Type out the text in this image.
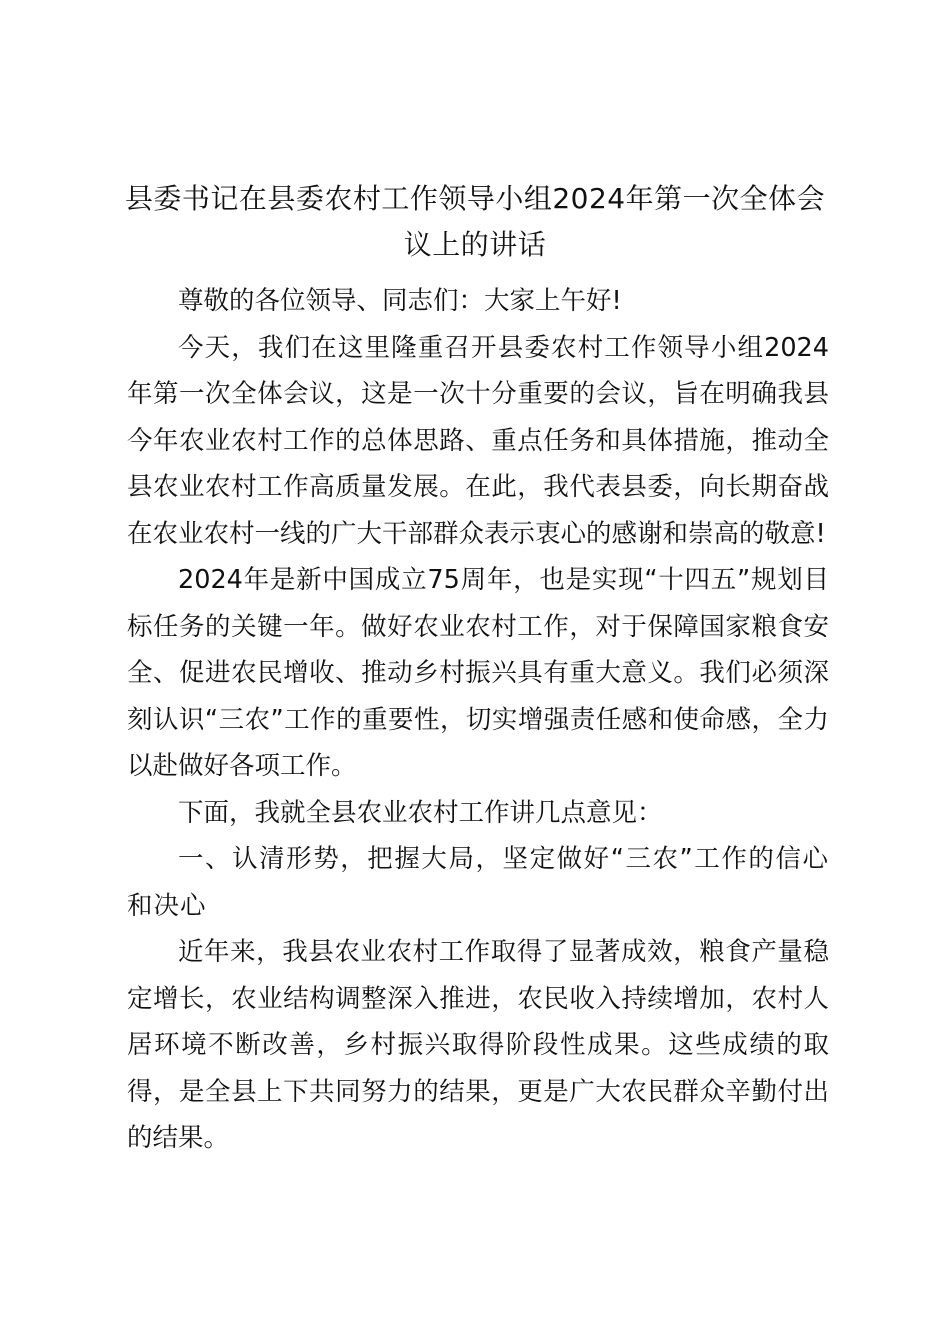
县委书记在县委农村工作领导小组2024年第一次全体会议上的讲话

尊敬的各位领导、同志们：大家上午好!

今天，我们在这里隆重召开县委农村工作领导小组2024年第一次全体会议，这是一次十分重要的会议，旨在明确我县今年农业农村工作的总体思路、重点任务和具体措施，推动全县农业农村工作高质量发展。在此，我代表县委，向长期奋战在农业农村一线的广大干部群众表示衷心的感谢和崇高的敬意!

2024年是新中国成立75周年，也是实现“十四五”规划目标任务的关键一年。做好农业农村工作，对于保障国家粮食安全、促进农民增收、推动乡村振兴具有重大意义。我们必须深刻认识“三农”工作的重要性，切实增强责任感和使命感，全力以赴做好各项工作。

下面，我就全县农业农村工作讲几点意见：

一、认清形势，把握大局，坚定做好“三农”工作的信心和决心

近年来，我县农业农村工作取得了显著成效，粮食产量稳定增长，农业结构调整深入推进，农民收入持续增加，农村人居环境不断改善，乡村振兴取得阶段性成果。这些成绩的取得，是全县上下共同努力的结果，更是广大农民群众辛勤付出的结果。
